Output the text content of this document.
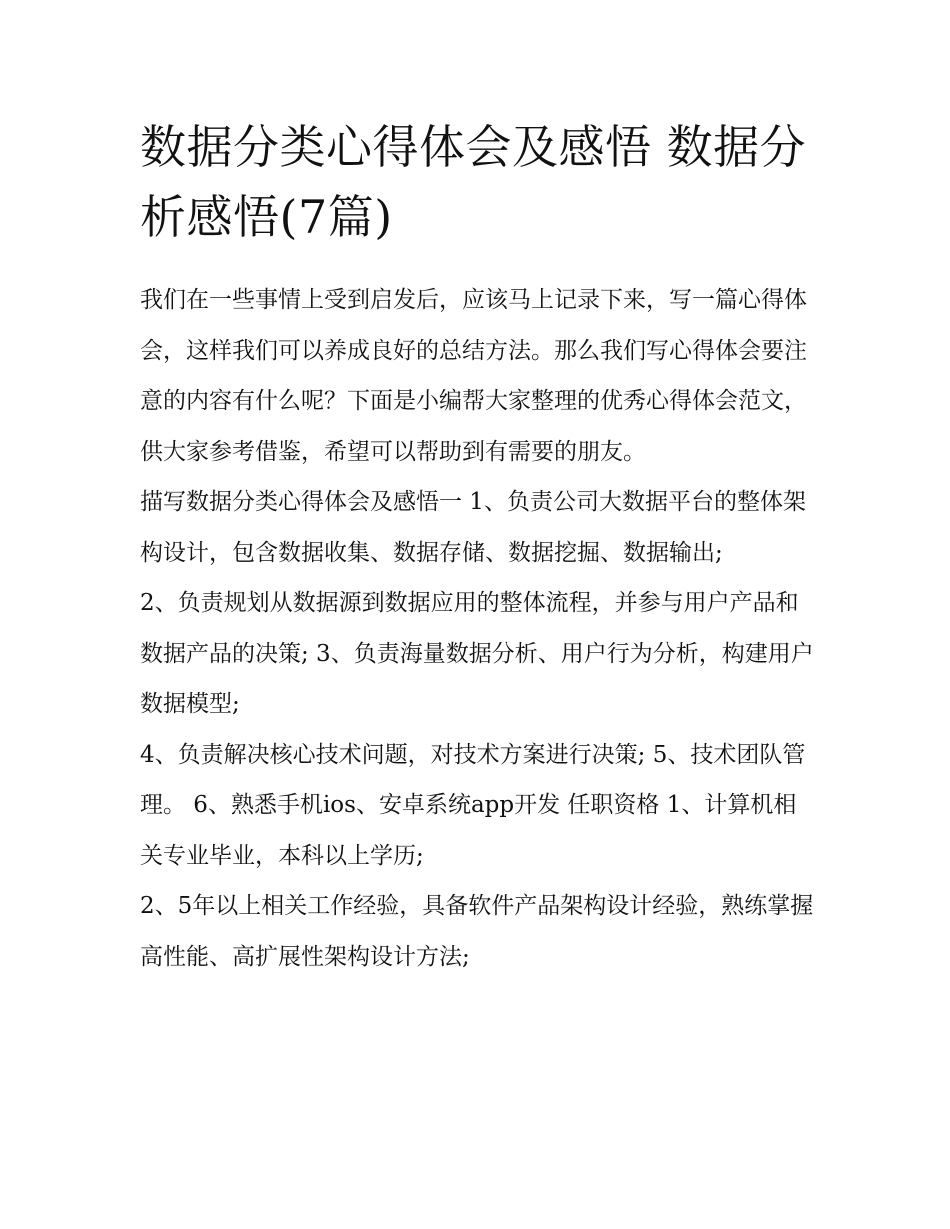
数据分类心得体会及感悟 数据分析感悟(7篇)

我们在一些事情上受到启发后，应该马上记录下来，写一篇心得体会，这样我们可以养成良好的总结方法。那么我们写心得体会要注意的内容有什么呢？下面是小编帮大家整理的优秀心得体会范文，供大家参考借鉴，希望可以帮助到有需要的朋友。

描写数据分类心得体会及感悟一 1、负责公司大数据平台的整体架构设计，包含数据收集、数据存储、数据挖掘、数据输出;

2、负责规划从数据源到数据应用的整体流程，并参与用户产品和数据产品的决策; 3、负责海量数据分析、用户行为分析，构建用户数据模型;

4、负责解决核心技术问题，对技术方案进行决策; 5、技术团队管理。 6、熟悉手机ios、安卓系统app开发 任职资格 1、计算机相关专业毕业，本科以上学历;

2、5年以上相关工作经验，具备软件产品架构设计经验，熟练掌握高性能、高扩展性架构设计方法;
